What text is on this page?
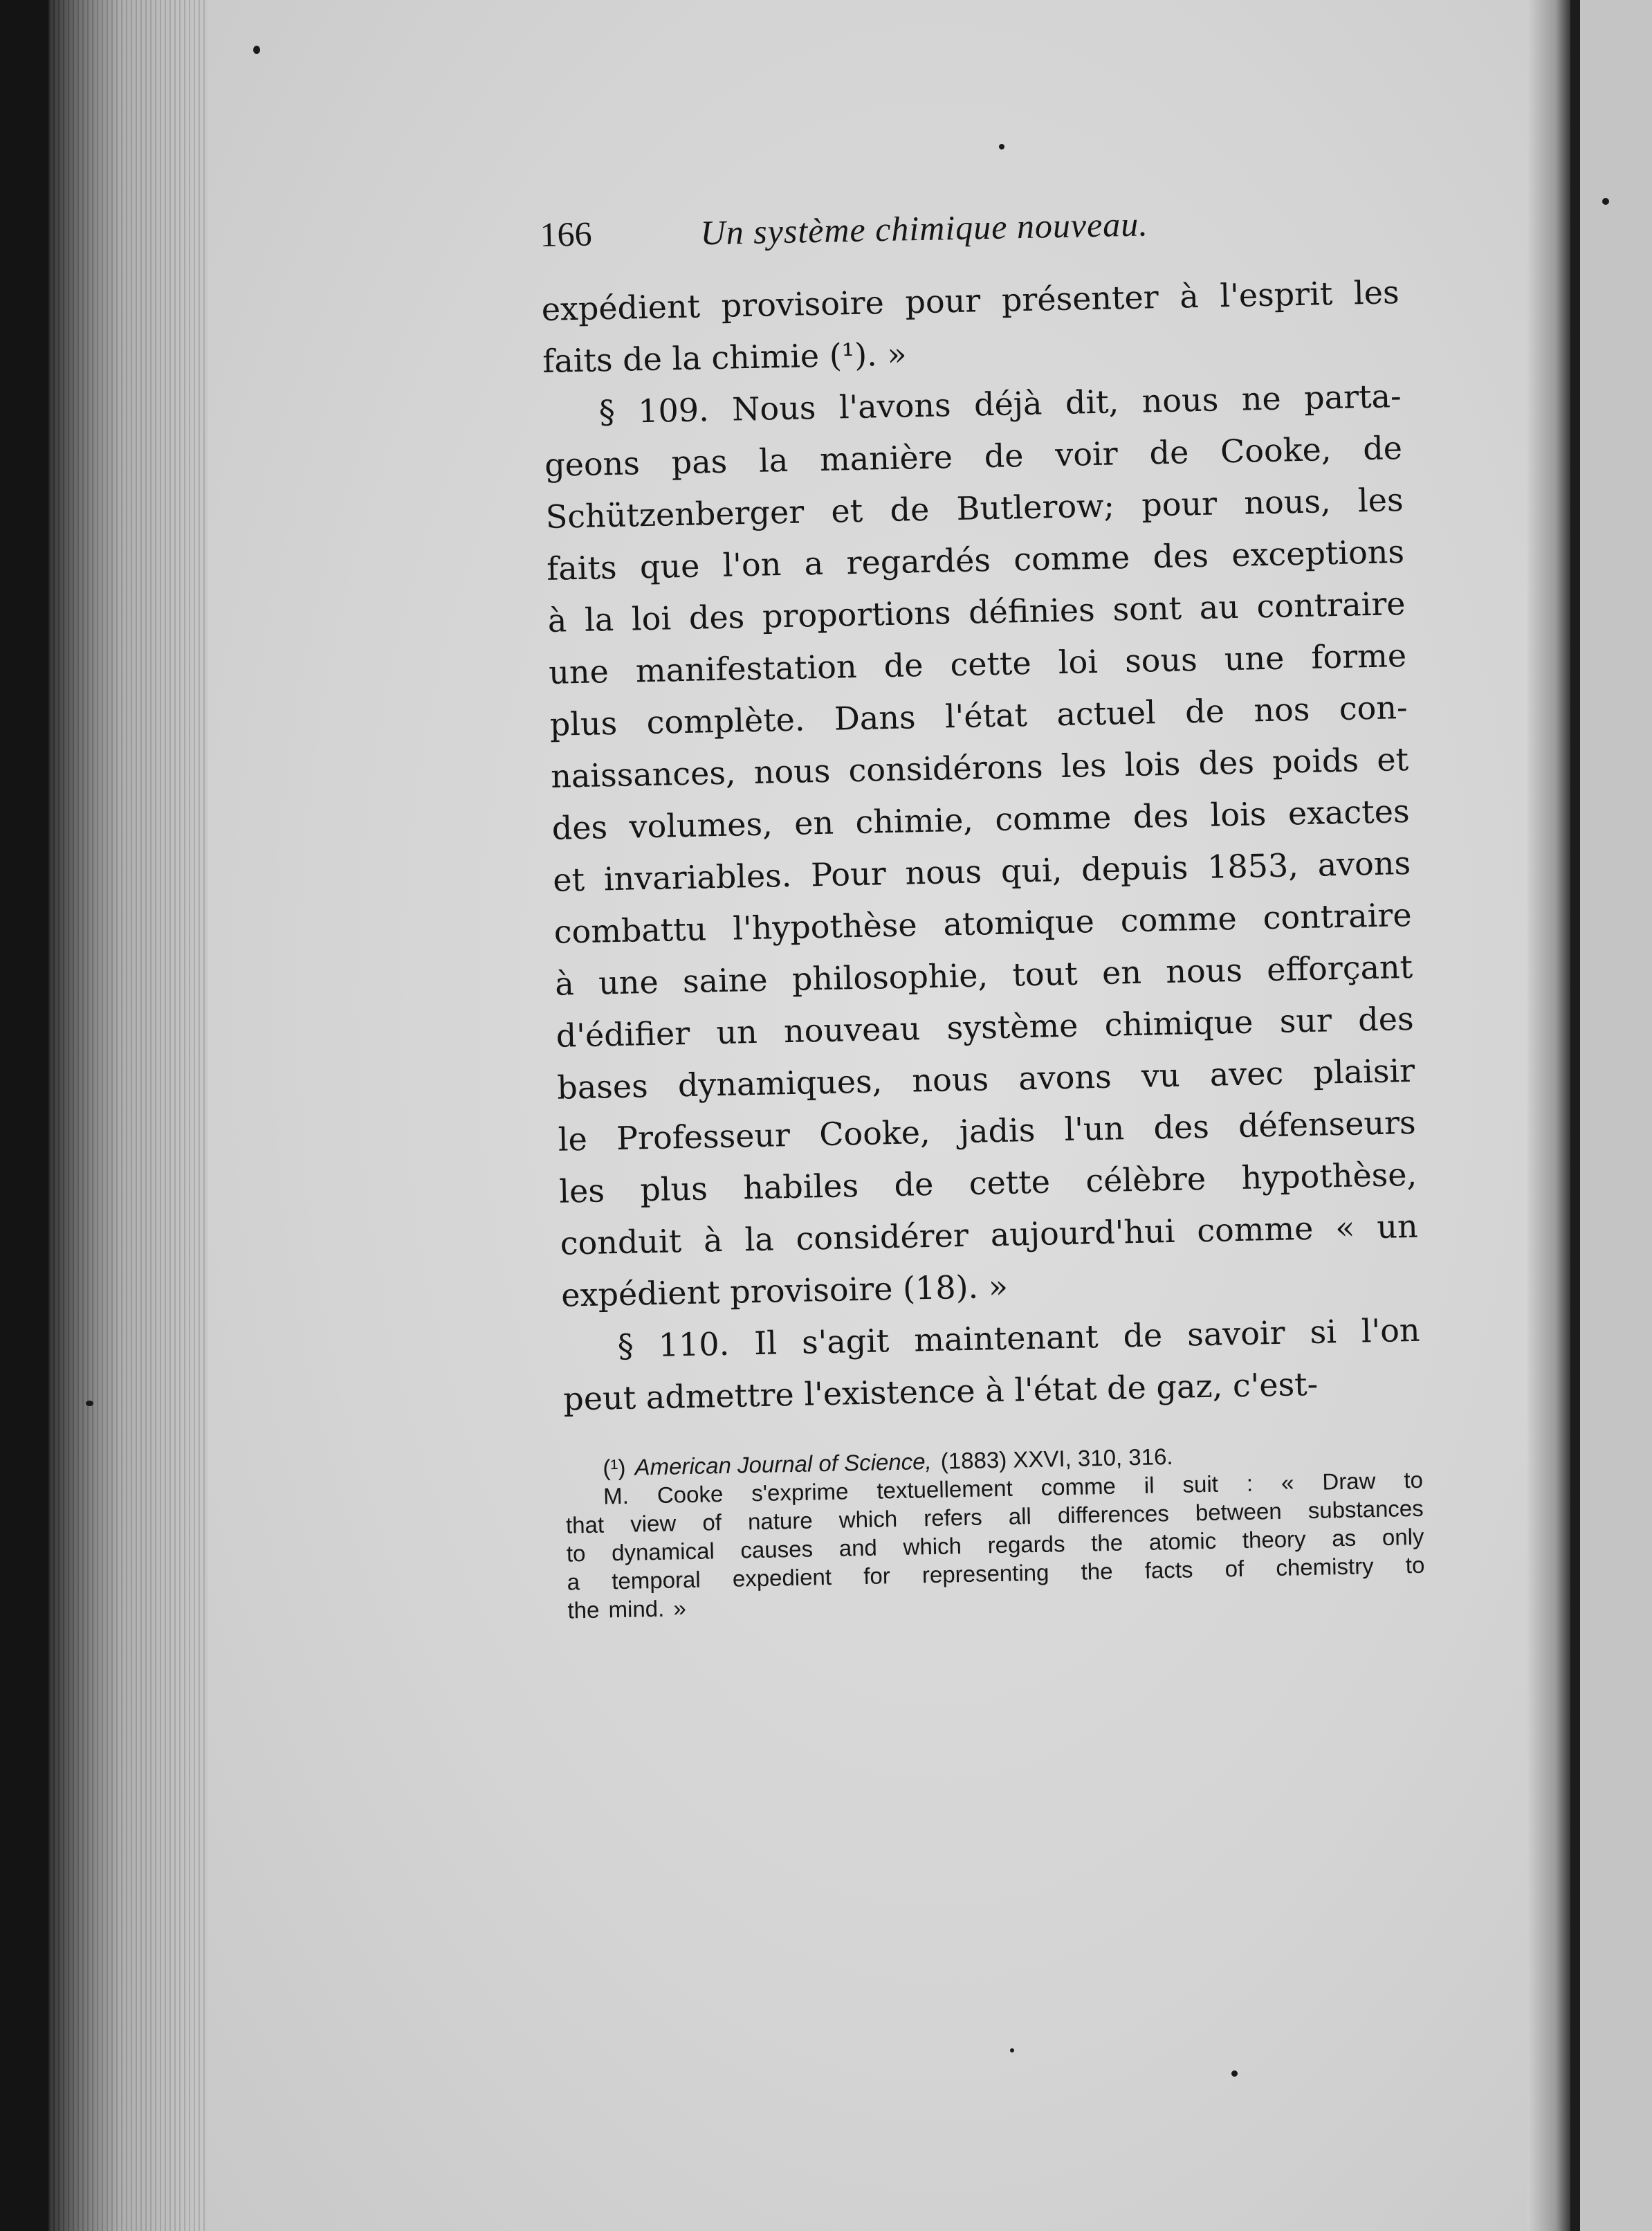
166	Un système chimique nouveau.
expédient provisoire pour présenter à l'esprit les
faits de la chimie (¹). »
§ 109. Nous l'avons déjà dit, nous ne parta-
geons pas la manière de voir de Cooke, de
Schützenberger et de Butlerow; pour nous, les
faits que l'on a regardés comme des exceptions
à la loi des proportions définies sont au contraire
une manifestation de cette loi sous une forme
plus complète. Dans l'état actuel de nos con-
naissances, nous considérons les lois des poids et
des volumes, en chimie, comme des lois exactes
et invariables. Pour nous qui, depuis 1853, avons
combattu l'hypothèse atomique comme contraire
à une saine philosophie, tout en nous efforçant
d'édifier un nouveau système chimique sur des
bases dynamiques, nous avons vu avec plaisir
le Professeur Cooke, jadis l'un des défenseurs
les plus habiles de cette célèbre hypothèse,
conduit à la considérer aujourd'hui comme « un
expédient provisoire (18). »
§ 110. Il s'agit maintenant de savoir si l'on
peut admettre l'existence à l'état de gaz, c'est-
(¹) American Journal of Science, (1883) XXVI, 310, 316.
M. Cooke s'exprime textuellement comme il suit : « Draw to
that view of nature which refers all differences between substances
to dynamical causes and which regards the atomic theory as only
a temporal expedient for representing the facts of chemistry to
the mind. »
